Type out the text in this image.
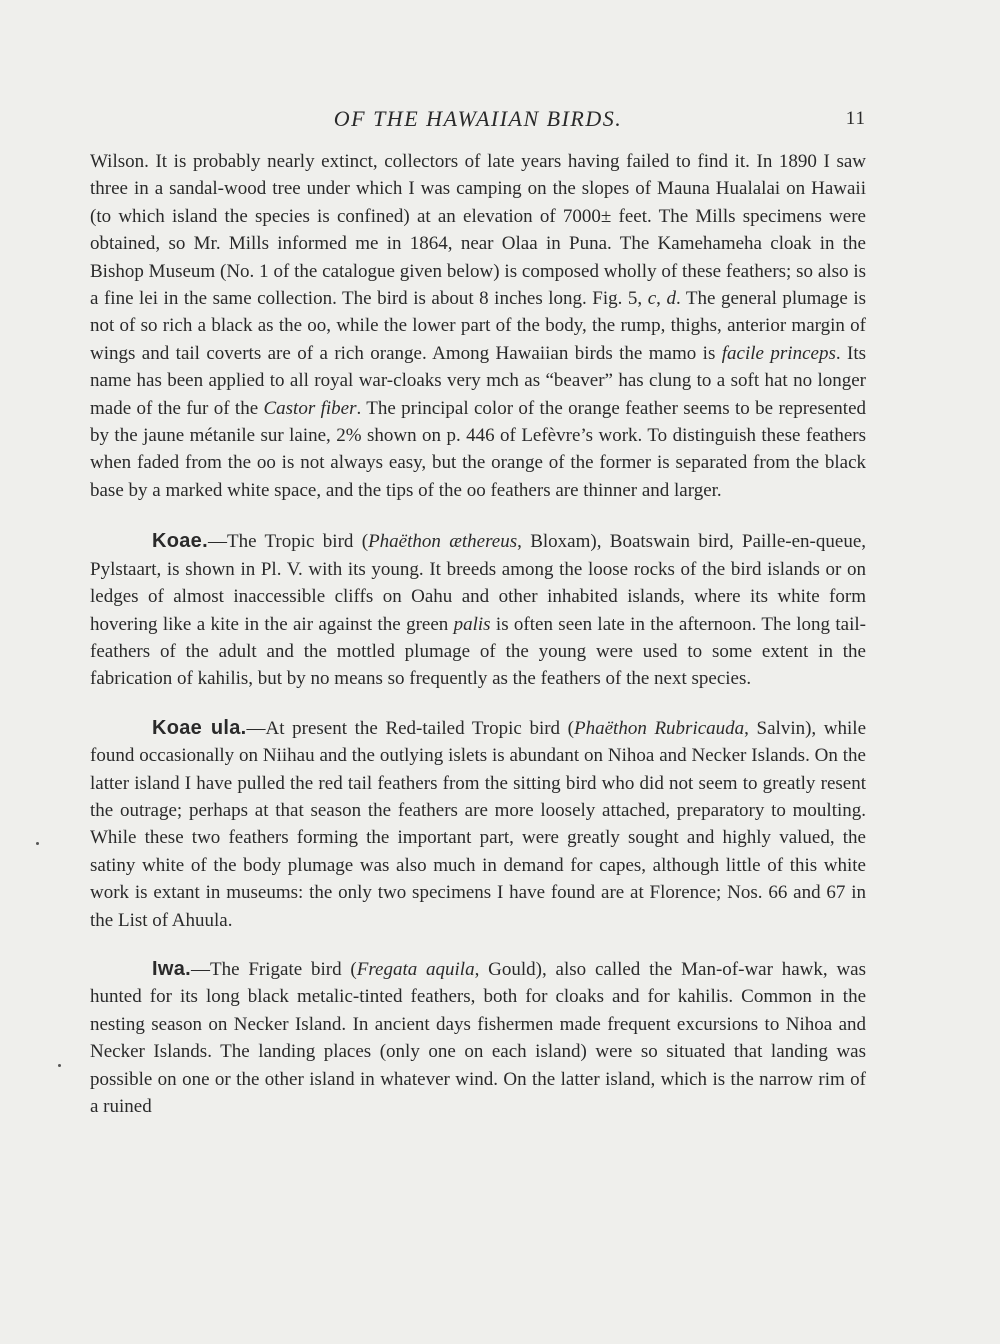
OF THE HAWAIIAN BIRDS.	11

Wilson. It is probably nearly extinct, collectors of late years having failed to find it. In 1890 I saw three in a sandal-wood tree under which I was camping on the slopes of Mauna Hualalai on Hawaii (to which island the species is confined) at an elevation of 7000± feet. The Mills specimens were obtained, so Mr. Mills informed me in 1864, near Olaa in Puna. The Kamehameha cloak in the Bishop Museum (No. 1 of the catalogue given below) is composed wholly of these feathers; so also is a fine lei in the same collection. The bird is about 8 inches long. Fig. 5, c, d. The general plumage is not of so rich a black as the oo, while the lower part of the body, the rump, thighs, anterior margin of wings and tail coverts are of a rich orange. Among Hawaiian birds the mamo is facile princeps. Its name has been applied to all royal war-cloaks very mch as “beaver” has clung to a soft hat no longer made of the fur of the Castor fiber. The principal color of the orange feather seems to be represented by the jaune métanile sur laine, 2% shown on p. 446 of Lefèvre’s work. To distinguish these feathers when faded from the oo is not always easy, but the orange of the former is separated from the black base by a marked white space, and the tips of the oo feathers are thinner and larger.

Koae.—The Tropic bird (Phaëthon æthereus, Bloxam), Boatswain bird, Paille-en-queue, Pylstaart, is shown in Pl. V. with its young. It breeds among the loose rocks of the bird islands or on ledges of almost inaccessible cliffs on Oahu and other inhabited islands, where its white form hovering like a kite in the air against the green palis is often seen late in the afternoon. The long tail-feathers of the adult and the mottled plumage of the young were used to some extent in the fabrication of kahilis, but by no means so frequently as the feathers of the next species.

Koae ula.—At present the Red-tailed Tropic bird (Phaëthon Rubricauda, Salvin), while found occasionally on Niihau and the outlying islets is abundant on Nihoa and Necker Islands. On the latter island I have pulled the red tail feathers from the sitting bird who did not seem to greatly resent the outrage; perhaps at that season the feathers are more loosely attached, preparatory to moulting. While these two feathers forming the important part, were greatly sought and highly valued, the satiny white of the body plumage was also much in demand for capes, although little of this white work is extant in museums: the only two specimens I have found are at Florence; Nos. 66 and 67 in the List of Ahuula.

Iwa.—The Frigate bird (Fregata aquila, Gould), also called the Man-of-war hawk, was hunted for its long black metalic-tinted feathers, both for cloaks and for kahilis. Common in the nesting season on Necker Island. In ancient days fishermen made frequent excursions to Nihoa and Necker Islands. The landing places (only one on each island) were so situated that landing was possible on one or the other island in whatever wind. On the latter island, which is the narrow rim of a ruined
